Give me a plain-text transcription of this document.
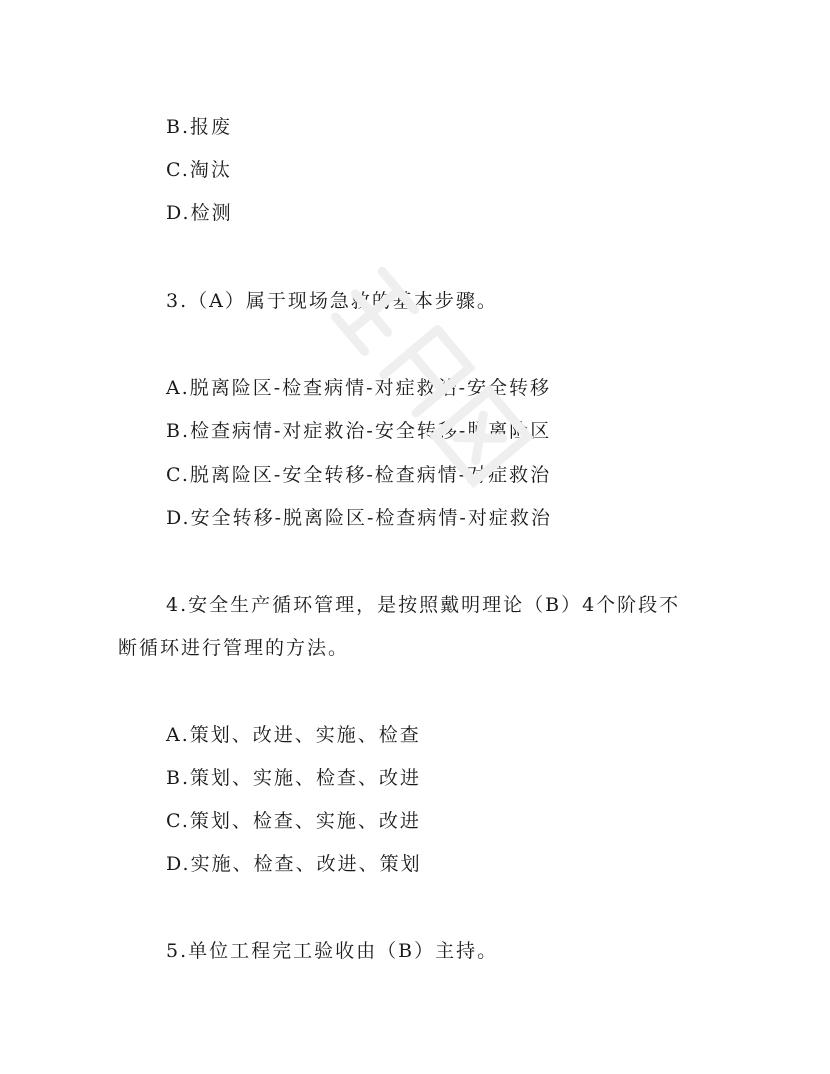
B.报废
C.淘汰
D.检测
3.（A）属于现场急救的基本步骤。
A.脱离险区-检查病情-对症救治-安全转移
B.检查病情-对症救治-安全转移-脱离险区
C.脱离险区-安全转移-检查病情-对症救治
D.安全转移-脱离险区-检查病情-对症救治
4.安全生产循环管理，是按照戴明理论（B）4个阶段不
断循环进行管理的方法。
A.策划、改进、实施、检查
B.策划、实施、检查、改进
C.策划、检查、实施、改进
D.实施、检查、改进、策划
5.单位工程完工验收由（B）主持。
